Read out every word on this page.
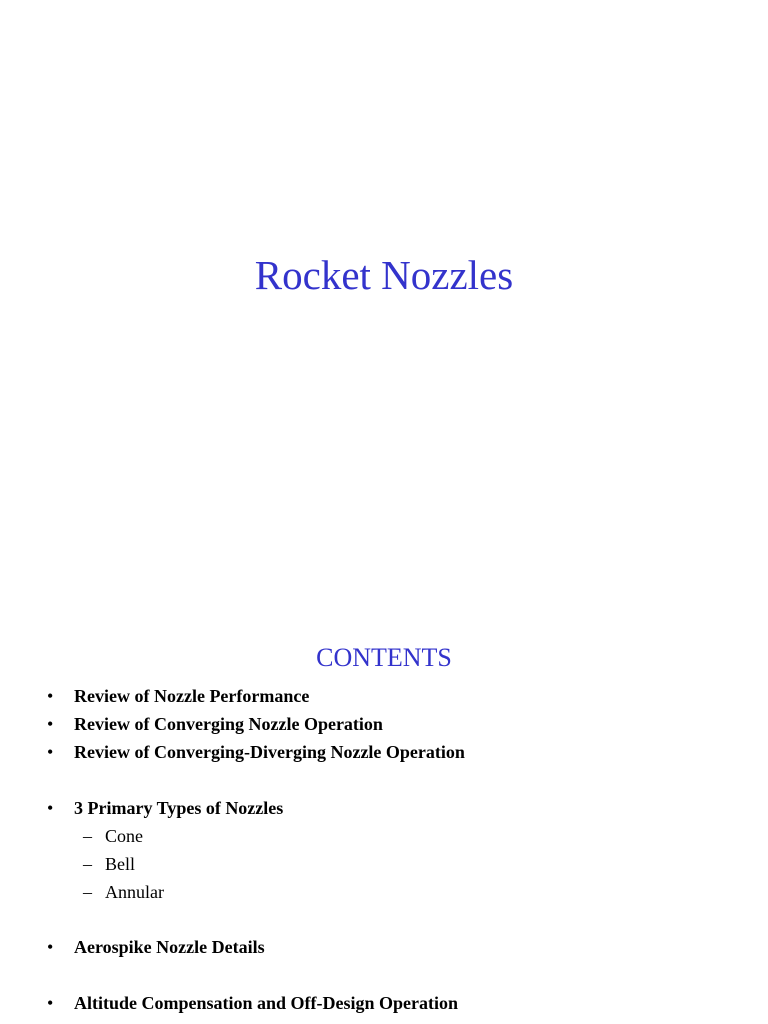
Rocket Nozzles
CONTENTS
• Review of Nozzle Performance
• Review of Converging Nozzle Operation
• Review of Converging-Diverging Nozzle Operation
• 3 Primary Types of Nozzles
– Cone
– Bell
– Annular
• Aerospike Nozzle Details
• Altitude Compensation and Off-Design Operation
